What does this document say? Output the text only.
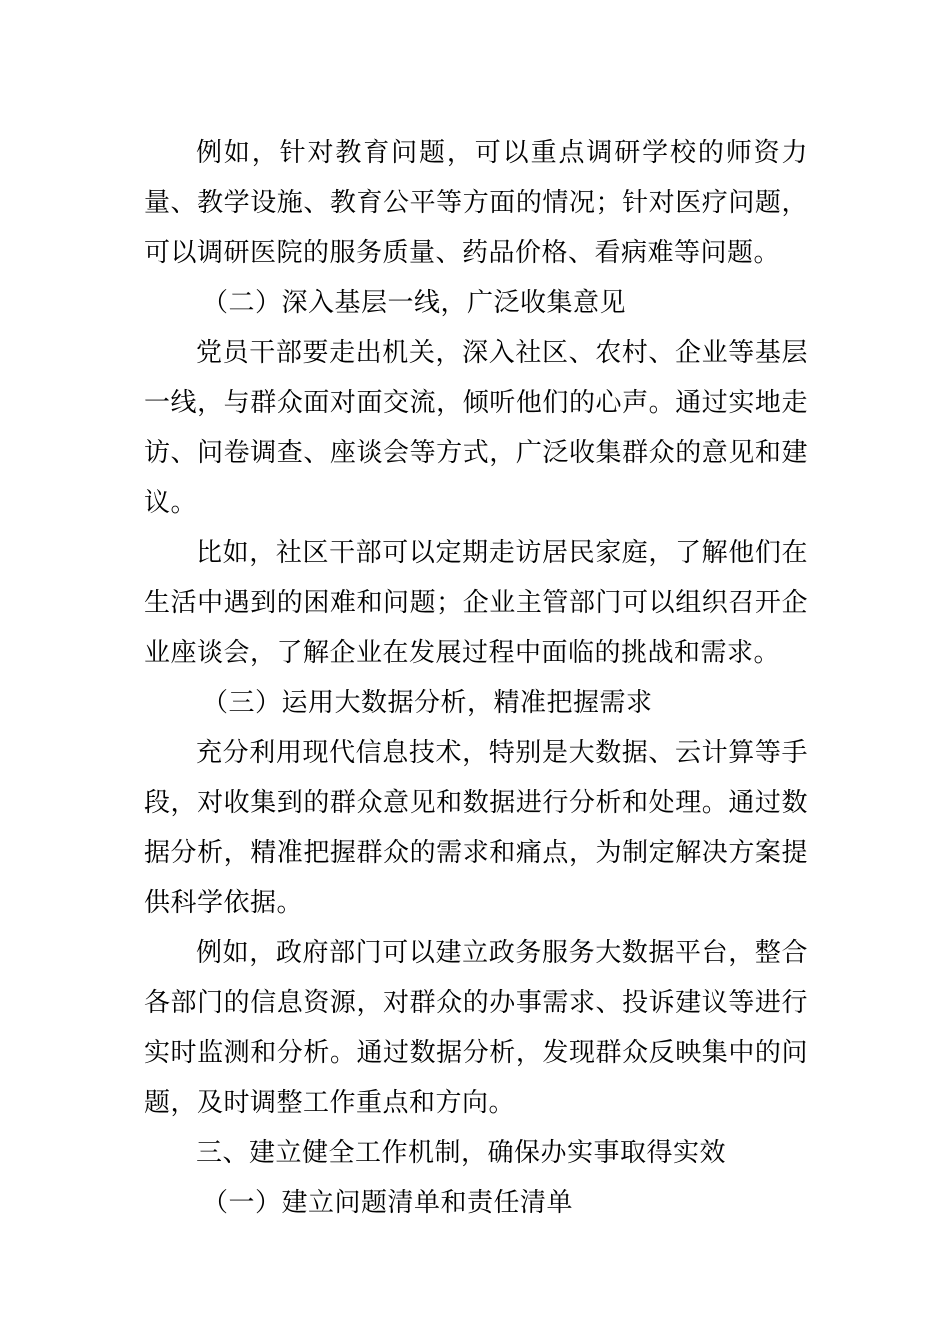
例如，针对教育问题，可以重点调研学校的师资力量、教学设施、教育公平等方面的情况；针对医疗问题，可以调研医院的服务质量、药品价格、看病难等问题。

（二）深入基层一线，广泛收集意见

党员干部要走出机关，深入社区、农村、企业等基层一线，与群众面对面交流，倾听他们的心声。通过实地走访、问卷调查、座谈会等方式，广泛收集群众的意见和建议。

比如，社区干部可以定期走访居民家庭，了解他们在生活中遇到的困难和问题；企业主管部门可以组织召开企业座谈会，了解企业在发展过程中面临的挑战和需求。

（三）运用大数据分析，精准把握需求

充分利用现代信息技术，特别是大数据、云计算等手段，对收集到的群众意见和数据进行分析和处理。通过数据分析，精准把握群众的需求和痛点，为制定解决方案提供科学依据。

例如，政府部门可以建立政务服务大数据平台，整合各部门的信息资源，对群众的办事需求、投诉建议等进行实时监测和分析。通过数据分析，发现群众反映集中的问题，及时调整工作重点和方向。

三、建立健全工作机制，确保办实事取得实效

（一）建立问题清单和责任清单
